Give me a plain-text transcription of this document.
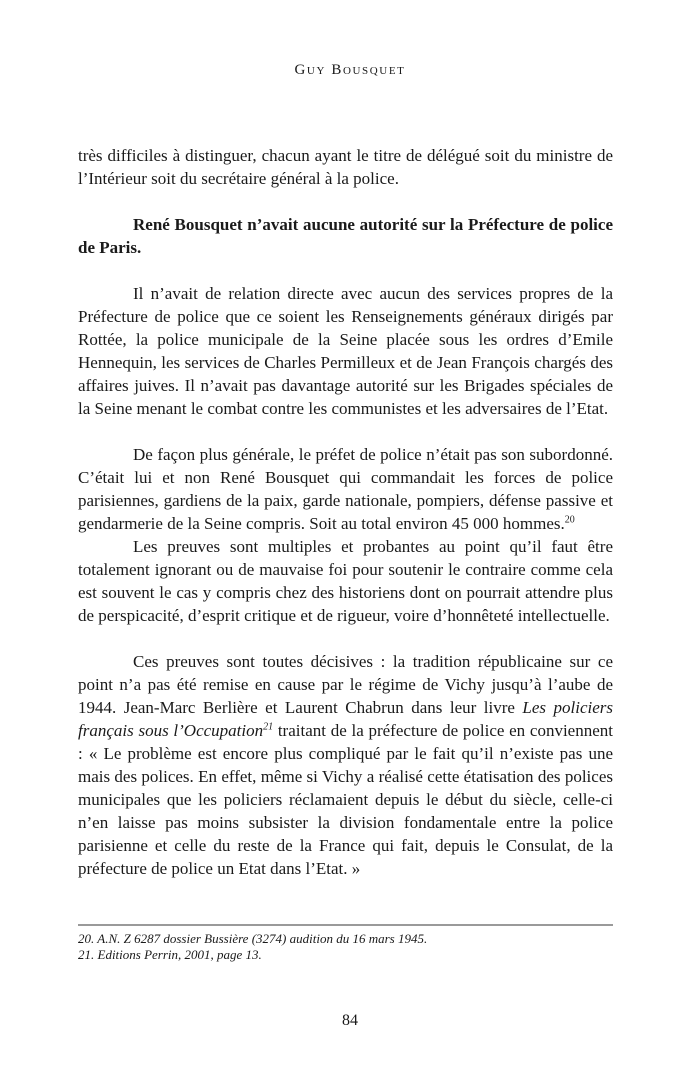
Guy Bousquet

très difficiles à distinguer, chacun ayant le titre de délégué soit du ministre de l’Intérieur soit du secrétaire général à la police.

René Bousquet n’avait aucune autorité sur la Préfecture de police de Paris.

Il n’avait de relation directe avec aucun des services propres de la Préfecture de police que ce soient les Renseignements généraux dirigés par Rottée, la police municipale de la Seine placée sous les ordres d’Emile Hennequin, les services de Charles Permilleux et de Jean François chargés des affaires juives. Il n’avait pas davantage autorité sur les Brigades spéciales de la Seine menant le combat contre les communistes et les adversaires de l’Etat.

De façon plus générale, le préfet de police n’était pas son subordonné. C’était lui et non René Bousquet qui commandait les forces de police parisiennes, gardiens de la paix, garde nationale, pompiers, défense passive et gendarmerie de la Seine compris. Soit au total environ 45 000 hommes.$^{20}$

Les preuves sont multiples et probantes au point qu’il faut être totalement ignorant ou de mauvaise foi pour soutenir le contraire comme cela est souvent le cas y compris chez des historiens dont on pourrait attendre plus de perspicacité, d’esprit critique et de rigueur, voire d’honnêteté intellectuelle.

Ces preuves sont toutes décisives : la tradition républicaine sur ce point n’a pas été remise en cause par le régime de Vichy jusqu’à l’aube de 1944. Jean-Marc Berlière et Laurent Chabrun dans leur livre Les policiers français sous l’Occupation$^{21}$ traitant de la préfecture de police en conviennent : « Le problème est encore plus compliqué par le fait qu’il n’existe pas une mais des polices. En effet, même si Vichy a réalisé cette étatisation des polices municipales que les policiers réclamaient depuis le début du siècle, celle-ci n’en laisse pas moins subsister la division fondamentale entre la police parisienne et celle du reste de la France qui fait, depuis le Consulat, de la préfecture de police un Etat dans l’Etat. »

20. A.N. Z 6287 dossier Bussière (3274) audition du 16 mars 1945.
21. Editions Perrin, 2001, page 13.
84
